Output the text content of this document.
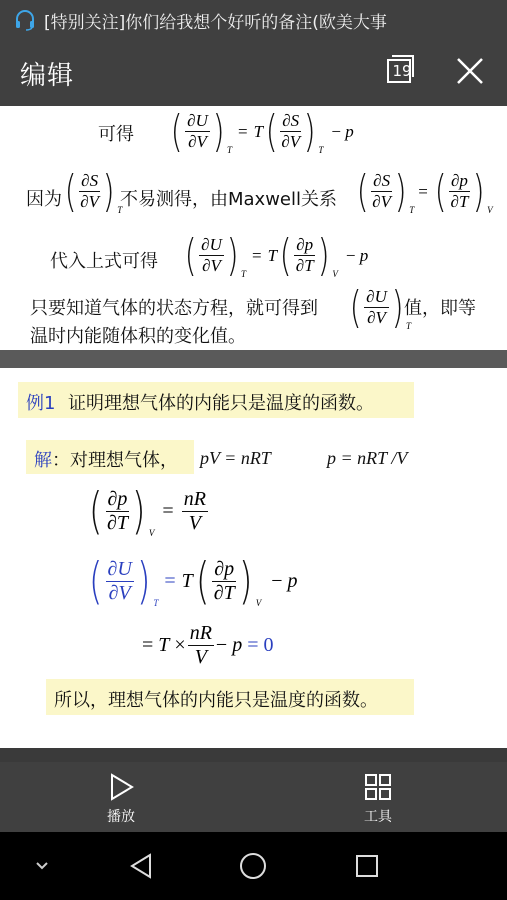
[特别关注]你们给我想个好听的备注(欧美大事
编辑	19
可得 ( $\frac{\partial U}{\partial V}$ ) T
= T ( $\frac{\partial S}{\partial V}$ ) T
− p
因为 ( $\frac{\partial S}{\partial V}$ ) T
不易测得，由Maxwell关系 ( $\frac{\partial S}{\partial V}$ ) T
= ( $\frac{\partial p}{\partial T}$ ) V
代入上式可得 ( $\frac{\partial U}{\partial V}$ ) T
= T ( $\frac{\partial p}{\partial T}$ ) V
− p
只要知道气体的状态方程，就可得到 ( $\frac{\partial U}{\partial V}$ ) T
值，即等
温时内能随体积的变化值。
例1 证明理想气体的内能只是温度的函数。
解 ：对理想气体， pV = nRT	p = nRT /V
( $\frac{\partial p}{\partial T}$ ) V
= $\frac{nR}{V}$
( $\frac{\partial U}{\partial V}$ ) T
= T ( $\frac{\partial p}{\partial T}$ ) V
− p
= $T \times \frac{nR}{V} - p = 0$
所以，理想气体的内能只是温度的函数。
播放	工具
